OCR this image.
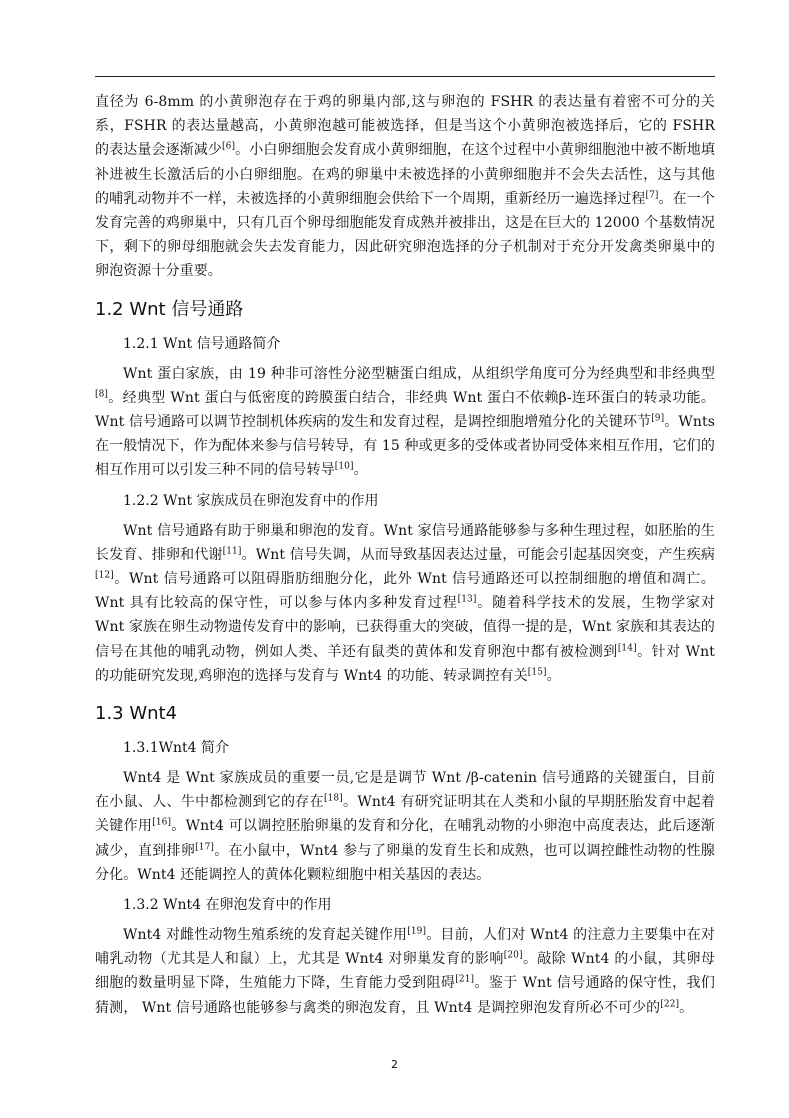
直径为 6-8mm 的小黄卵泡存在于鸡的卵巢内部,这与卵泡的 FSHR 的表达量有着密不可分的关系，FSHR 的表达量越高，小黄卵泡越可能被选择，但是当这个小黄卵泡被选择后，它的 FSHR 的表达量会逐渐减少[6]。小白卵细胞会发育成小黄卵细胞，在这个过程中小黄卵细胞池中被不断地填补进被生长激活后的小白卵细胞。在鸡的卵巢中未被选择的小黄卵细胞并不会失去活性，这与其他的哺乳动物并不一样，未被选择的小黄卵细胞会供给下一个周期，重新经历一遍选择过程[7]。在一个发育完善的鸡卵巢中，只有几百个卵母细胞能发育成熟并被排出，这是在巨大的 12000 个基数情况下，剩下的卵母细胞就会失去发育能力，因此研究卵泡选择的分子机制对于充分开发禽类卵巢中的卵泡资源十分重要。

1.2 Wnt 信号通路
1.2.1 Wnt 信号通路简介

Wnt 蛋白家族，由 19 种非可溶性分泌型糖蛋白组成，从组织学角度可分为经典型和非经典型[8]。经典型 Wnt 蛋白与低密度的跨膜蛋白结合，非经典 Wnt 蛋白不依赖β-连环蛋白的转录功能。Wnt 信号通路可以调节控制机体疾病的发生和发育过程，是调控细胞增殖分化的关键环节[9]。Wnts 在一般情况下，作为配体来参与信号转导，有 15 种或更多的受体或者协同受体来相互作用，它们的相互作用可以引发三种不同的信号转导[10]。

1.2.2 Wnt 家族成员在卵泡发育中的作用

Wnt 信号通路有助于卵巢和卵泡的发育。Wnt 家信号通路能够参与多种生理过程，如胚胎的生长发育、排卵和代谢[11]。Wnt 信号失调，从而导致基因表达过量，可能会引起基因突变，产生疾病[12]。Wnt 信号通路可以阻碍脂肪细胞分化，此外 Wnt 信号通路还可以控制细胞的增值和凋亡。Wnt 具有比较高的保守性，可以参与体内多种发育过程[13]。随着科学技术的发展，生物学家对 Wnt 家族在卵生动物遗传发育中的影响，已获得重大的突破，值得一提的是，Wnt 家族和其表达的信号在其他的哺乳动物，例如人类、羊还有鼠类的黄体和发育卵泡中都有被检测到[14]。针对 Wnt 的功能研究发现,鸡卵泡的选择与发育与 Wnt4 的功能、转录调控有关[15]。

1.3 Wnt4
1.3.1Wnt4 简介

Wnt4 是 Wnt 家族成员的重要一员,它是是调节 Wnt /β-catenin 信号通路的关键蛋白，目前在小鼠、人、牛中都检测到它的存在[18]。Wnt4 有研究证明其在人类和小鼠的早期胚胎发育中起着关键作用[16]。Wnt4 可以调控胚胎卵巢的发育和分化，在哺乳动物的小卵泡中高度表达，此后逐渐减少，直到排卵[17]。在小鼠中，Wnt4 参与了卵巢的发育生长和成熟，也可以调控雌性动物的性腺分化。Wnt4 还能调控人的黄体化颗粒细胞中相关基因的表达。

1.3.2 Wnt4 在卵泡发育中的作用

Wnt4 对雌性动物生殖系统的发育起关键作用[19]。目前，人们对 Wnt4 的注意力主要集中在对哺乳动物（尤其是人和鼠）上，尤其是 Wnt4 对卵巢发育的影响[20]。敲除 Wnt4 的小鼠，其卵母细胞的数量明显下降，生殖能力下降，生育能力受到阻碍[21]。鉴于 Wnt 信号通路的保守性，我们猜测， Wnt 信号通路也能够参与禽类的卵泡发育，且 Wnt4 是调控卵泡发育所必不可少的[22]。

2
